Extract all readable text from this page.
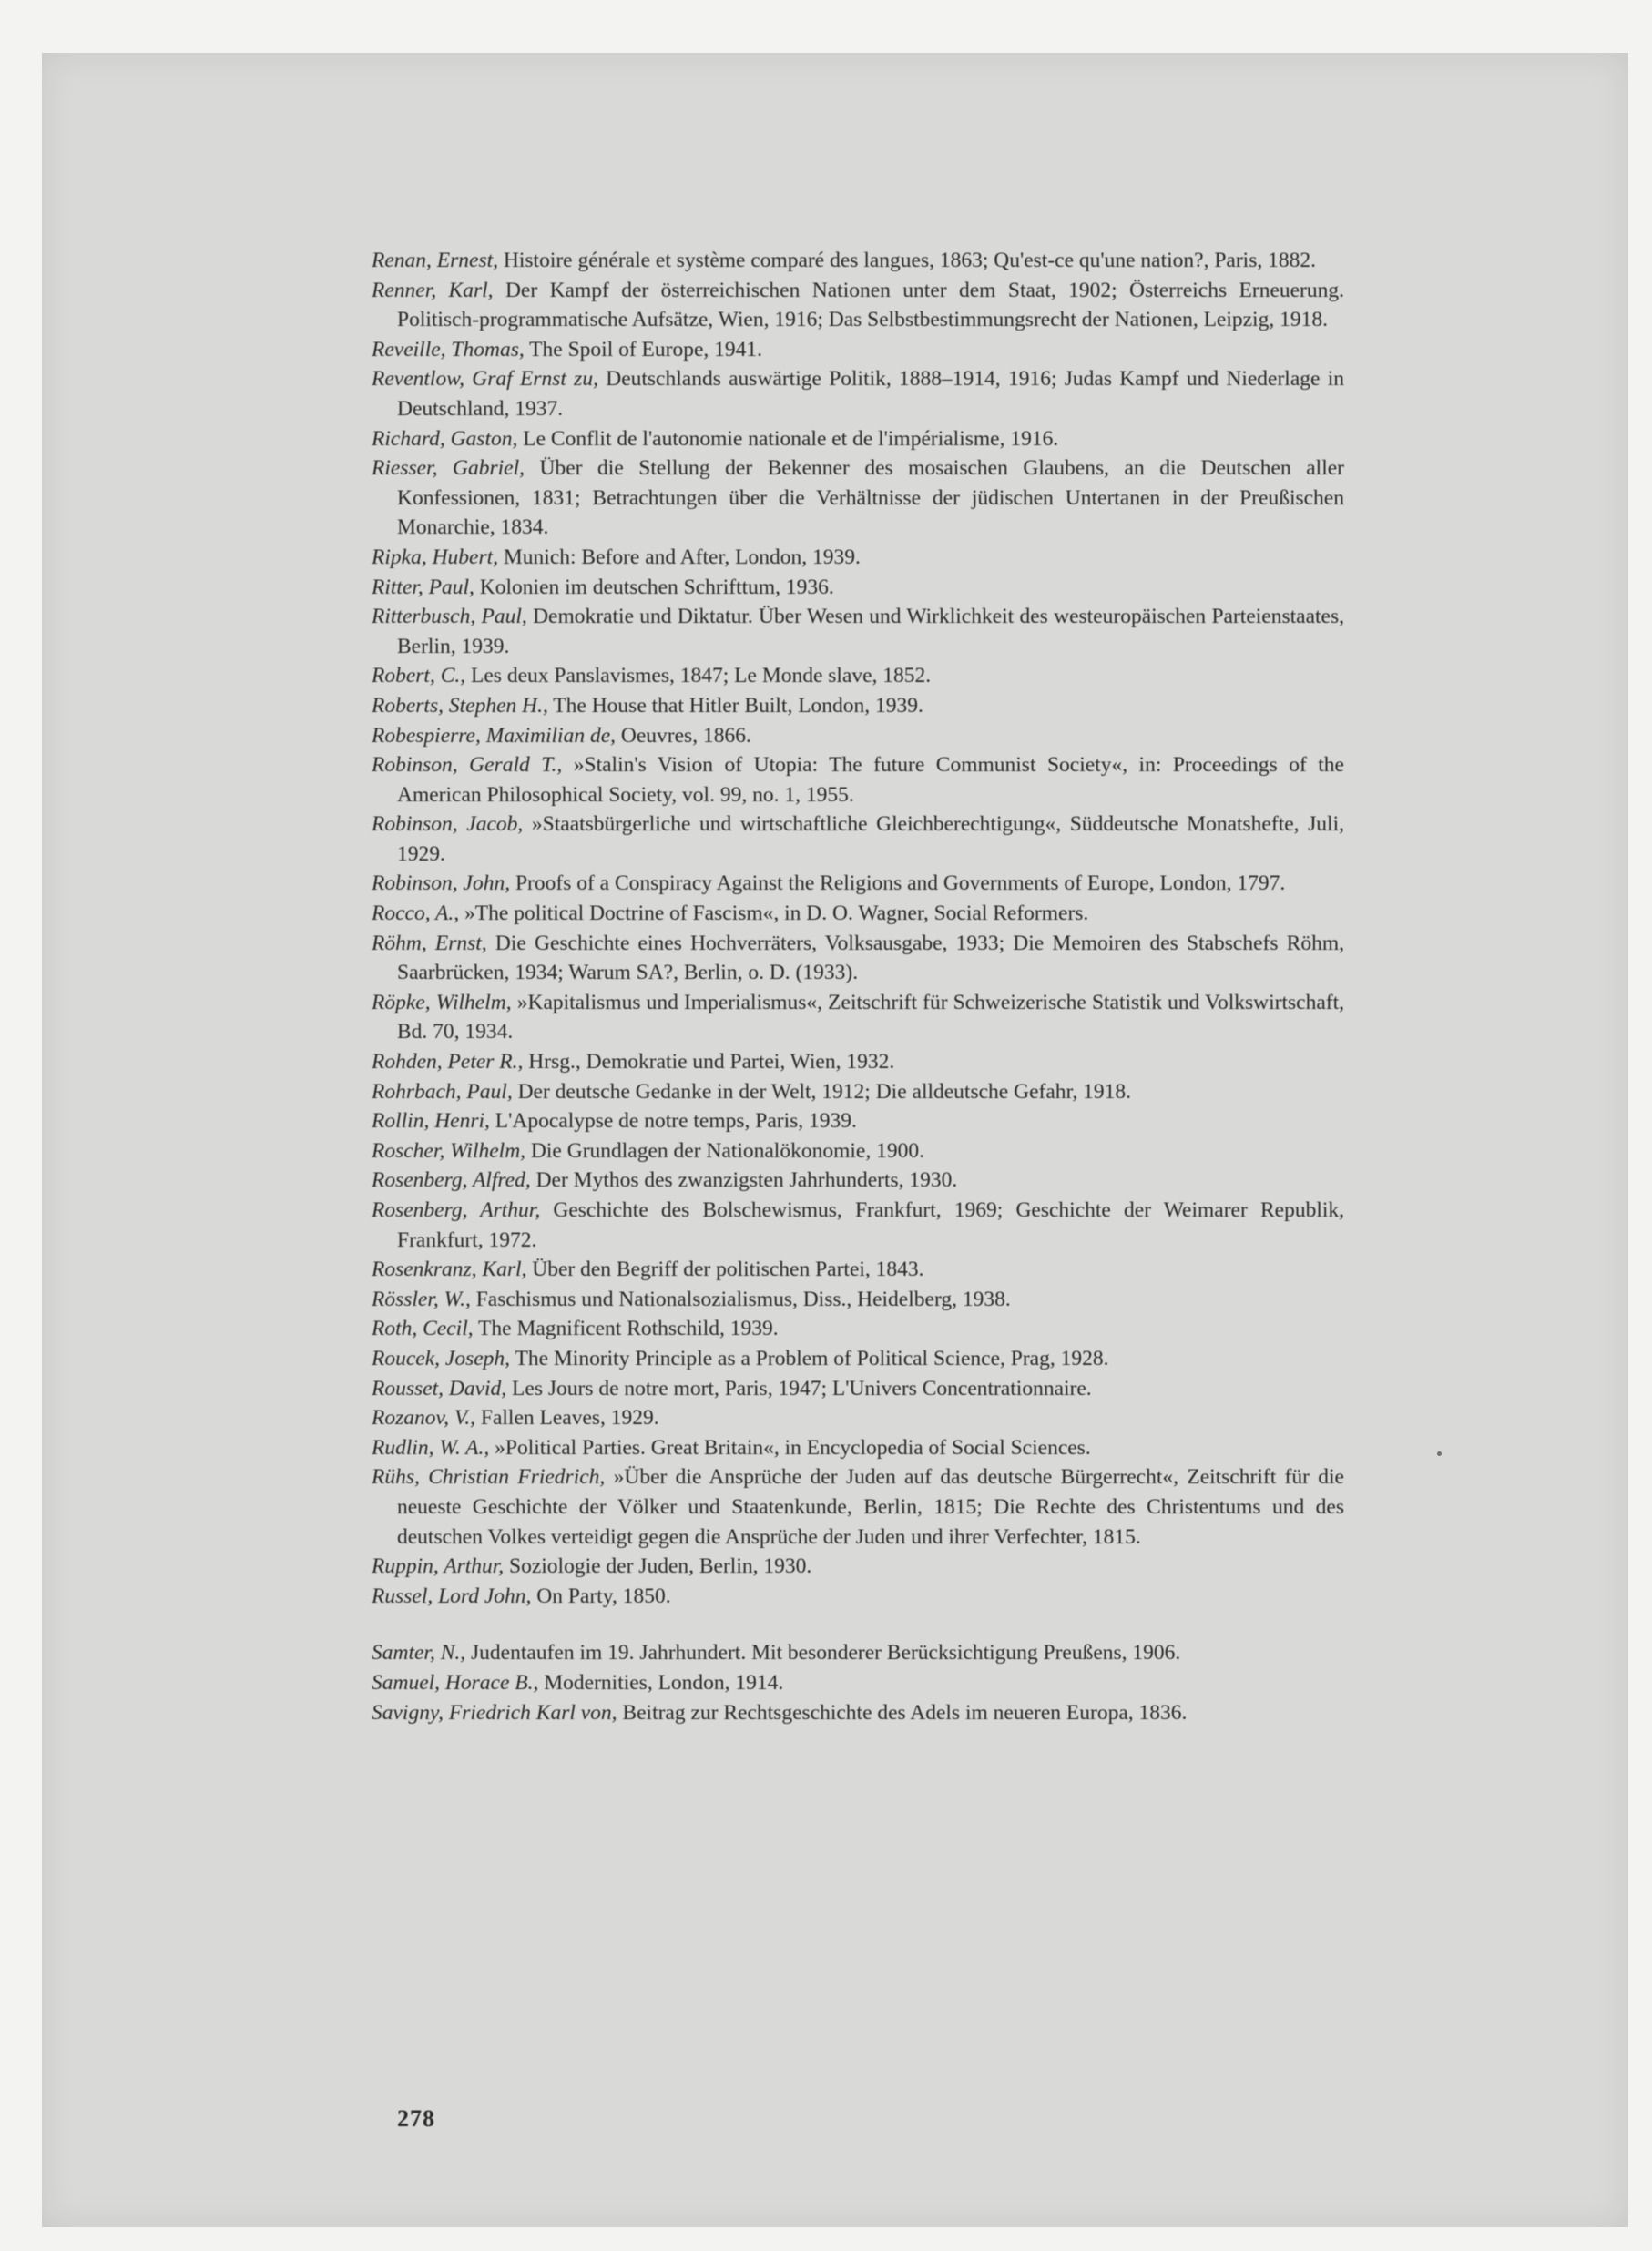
Renan, Ernest, Histoire générale et système comparé des langues, 1863; Qu'est-ce qu'une nation?, Paris, 1882.

Renner, Karl, Der Kampf der österreichischen Nationen unter dem Staat, 1902; Österreichs Erneuerung. Politisch-programmatische Aufsätze, Wien, 1916; Das Selbstbestimmungsrecht der Nationen, Leipzig, 1918.

Reveille, Thomas, The Spoil of Europe, 1941.

Reventlow, Graf Ernst zu, Deutschlands auswärtige Politik, 1888–1914, 1916; Judas Kampf und Niederlage in Deutschland, 1937.

Richard, Gaston, Le Conflit de l'autonomie nationale et de l'impérialisme, 1916.

Riesser, Gabriel, Über die Stellung der Bekenner des mosaischen Glaubens, an die Deutschen aller Konfessionen, 1831; Betrachtungen über die Verhältnisse der jüdischen Untertanen in der Preußischen Monarchie, 1834.

Ripka, Hubert, Munich: Before and After, London, 1939.

Ritter, Paul, Kolonien im deutschen Schrifttum, 1936.

Ritterbusch, Paul, Demokratie und Diktatur. Über Wesen und Wirklichkeit des westeuropäischen Parteienstaates, Berlin, 1939.

Robert, C., Les deux Panslavismes, 1847; Le Monde slave, 1852.

Roberts, Stephen H., The House that Hitler Built, London, 1939.

Robespierre, Maximilian de, Oeuvres, 1866.

Robinson, Gerald T., »Stalin's Vision of Utopia: The future Communist Society«, in: Proceedings of the American Philosophical Society, vol. 99, no. 1, 1955.

Robinson, Jacob, »Staatsbürgerliche und wirtschaftliche Gleichberechtigung«, Süddeutsche Monatshefte, Juli, 1929.

Robinson, John, Proofs of a Conspiracy Against the Religions and Governments of Europe, London, 1797.

Rocco, A., »The political Doctrine of Fascism«, in D. O. Wagner, Social Reformers.

Röhm, Ernst, Die Geschichte eines Hochverräters, Volksausgabe, 1933; Die Memoiren des Stabschefs Röhm, Saarbrücken, 1934; Warum SA?, Berlin, o. D. (1933).

Röpke, Wilhelm, »Kapitalismus und Imperialismus«, Zeitschrift für Schweizerische Statistik und Volkswirtschaft, Bd. 70, 1934.

Rohden, Peter R., Hrsg., Demokratie und Partei, Wien, 1932.

Rohrbach, Paul, Der deutsche Gedanke in der Welt, 1912; Die alldeutsche Gefahr, 1918.

Rollin, Henri, L'Apocalypse de notre temps, Paris, 1939.

Roscher, Wilhelm, Die Grundlagen der Nationalökonomie, 1900.

Rosenberg, Alfred, Der Mythos des zwanzigsten Jahrhunderts, 1930.

Rosenberg, Arthur, Geschichte des Bolschewismus, Frankfurt, 1969; Geschichte der Weimarer Republik, Frankfurt, 1972.

Rosenkranz, Karl, Über den Begriff der politischen Partei, 1843.

Rössler, W., Faschismus und Nationalsozialismus, Diss., Heidelberg, 1938.

Roth, Cecil, The Magnificent Rothschild, 1939.

Roucek, Joseph, The Minority Principle as a Problem of Political Science, Prag, 1928.

Rousset, David, Les Jours de notre mort, Paris, 1947; L'Univers Concentrationnaire.

Rozanov, V., Fallen Leaves, 1929.

Rudlin, W. A., »Political Parties. Great Britain«, in Encyclopedia of Social Sciences.

Rühs, Christian Friedrich, »Über die Ansprüche der Juden auf das deutsche Bürgerrecht«, Zeitschrift für die neueste Geschichte der Völker und Staatenkunde, Berlin, 1815; Die Rechte des Christentums und des deutschen Volkes verteidigt gegen die Ansprüche der Juden und ihrer Verfechter, 1815.

Ruppin, Arthur, Soziologie der Juden, Berlin, 1930.

Russel, Lord John, On Party, 1850.

Samter, N., Judentaufen im 19. Jahrhundert. Mit besonderer Berücksichtigung Preußens, 1906.

Samuel, Horace B., Modernities, London, 1914.

Savigny, Friedrich Karl von, Beitrag zur Rechtsgeschichte des Adels im neueren Europa, 1836.

278
